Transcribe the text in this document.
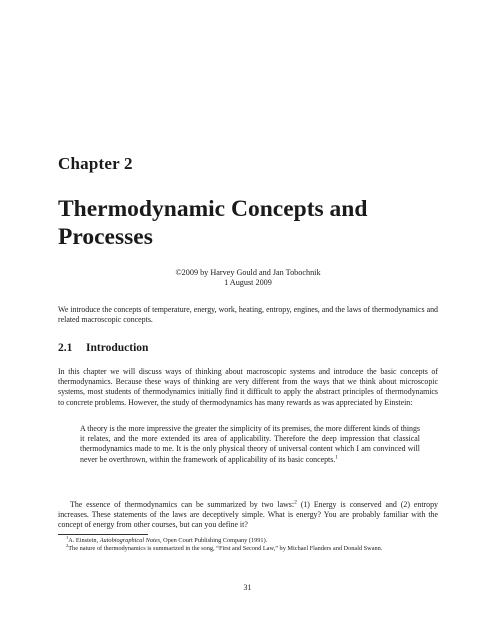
Chapter 2
Thermodynamic Concepts and Processes
©2009 by Harvey Gould and Jan Tobochnik
1 August 2009

We introduce the concepts of temperature, energy, work, heating, entropy, engines, and the laws of thermodynamics and related macroscopic concepts.

2.1 Introduction

In this chapter we will discuss ways of thinking about macroscopic systems and introduce the basic concepts of thermodynamics. Because these ways of thinking are very different from the ways that we think about microscopic systems, most students of thermodynamics initially find it difficult to apply the abstract principles of thermodynamics to concrete problems. However, the study of thermodynamics has many rewards as was appreciated by Einstein:

A theory is the more impressive the greater the simplicity of its premises, the more different kinds of things it relates, and the more extended its area of applicability. Therefore the deep impression that classical thermodynamics made to me. It is the only physical theory of universal content which I am convinced will never be overthrown, within the framework of applicability of its basic concepts.$^1$

The essence of thermodynamics can be summarized by two laws:$^2$ (1) Energy is conserved and (2) entropy increases. These statements of the laws are deceptively simple. What is energy? You are probably familiar with the concept of energy from other courses, but can you define it?

$^1$A. Einstein, Autobiographical Notes, Open Court Publishing Company (1991).

$^2$The nature of thermodynamics is summarized in the song, “First and Second Law,” by Michael Flanders and Donald Swann.

31
